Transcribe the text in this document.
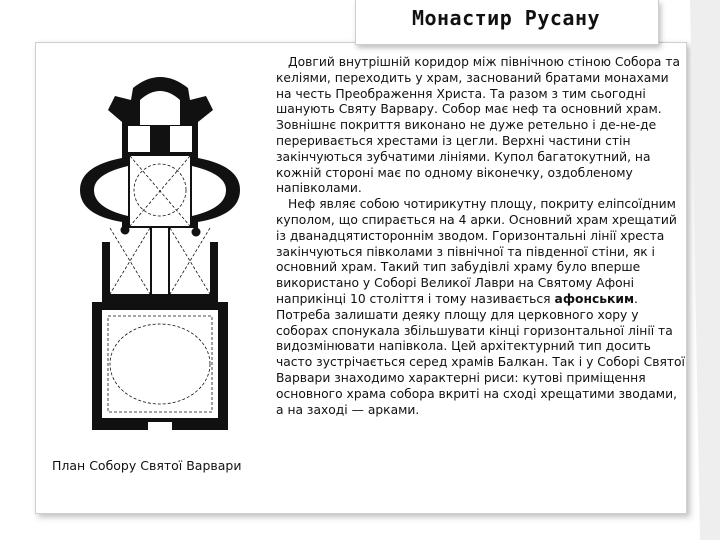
Монастир Русану
План Собору Святої Варвари

Довгий внутрішній коридор між північною стіною Собора та келіями, переходить у храм, заснований братами монахами на честь Преображення Христа. Та разом з тим сьогодні шанують Святу Варвару. Собор має неф та основний храм. Зовнішнє покриття виконано не дуже ретельно і де-не-де переривається хрестами із цегли. Верхні частини стін закінчуються зубчатими лініями. Купол багатокутний, на кожній стороні має по одному віконечку, оздобленому напівколами.

Неф являє собою чотирикутну площу, покриту еліпсоїдним куполом, що спирається на 4 арки. Основний храм хрещатий із дванадцятистороннім зводом. Горизонтальні лінії хреста закінчуються півколами з північної та південної стіни, як і основний храм. Такий тип забудівлі храму було вперше використано у Соборі Великої Лаври на Святому Афоні наприкінці 10 століття і тому називається афонським.

Потреба залишати деяку площу для церковного хору у соборах спонукала збільшувати кінці горизонтальної лінії та видозмінювати напівкола. Цей архітектурний тип досить часто зустрічається серед храмів Балкан. Так і у Соборі Святої Варвари знаходимо характерні риси: кутові приміщення основного храма собора вкриті на сході хрещатими зводами, а на заході — арками.
